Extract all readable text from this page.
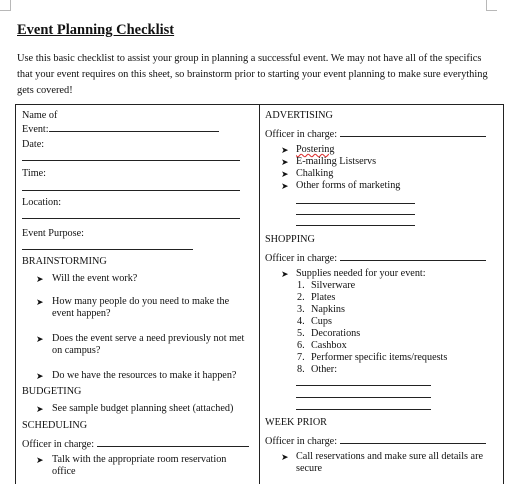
Event Planning Checklist
Use this basic checklist to assist your group in planning a successful event. We may not have all of the specifics that your event requires on this sheet, so brainstorm prior to starting your event planning to make sure everything gets covered!
Name of
Event:
Date:
Time:
Location:
Event Purpose:
BRAINSTORMING
➤ Will the event work?
➤ How many people do you need to make the event happen?
➤ Does the event serve a need previously not met on campus?
➤ Do we have the resources to make it happen?
BUDGETING
➤ See sample budget planning sheet (attached)
SCHEDULING
Officer in charge:
➤ Talk with the appropriate room reservation office
ADVERTISING
Officer in charge:
➤ Postering
➤ E-mailing Listservs
➤ Chalking
➤ Other forms of marketing
SHOPPING
Officer in charge:
➤ Supplies needed for your event:
1. Silverware
2. Plates
3. Napkins
4. Cups
5. Decorations
6. Cashbox
7. Performer specific items/requests
8. Other:
WEEK PRIOR
Officer in charge:
➤ Call reservations and make sure all details are secure
